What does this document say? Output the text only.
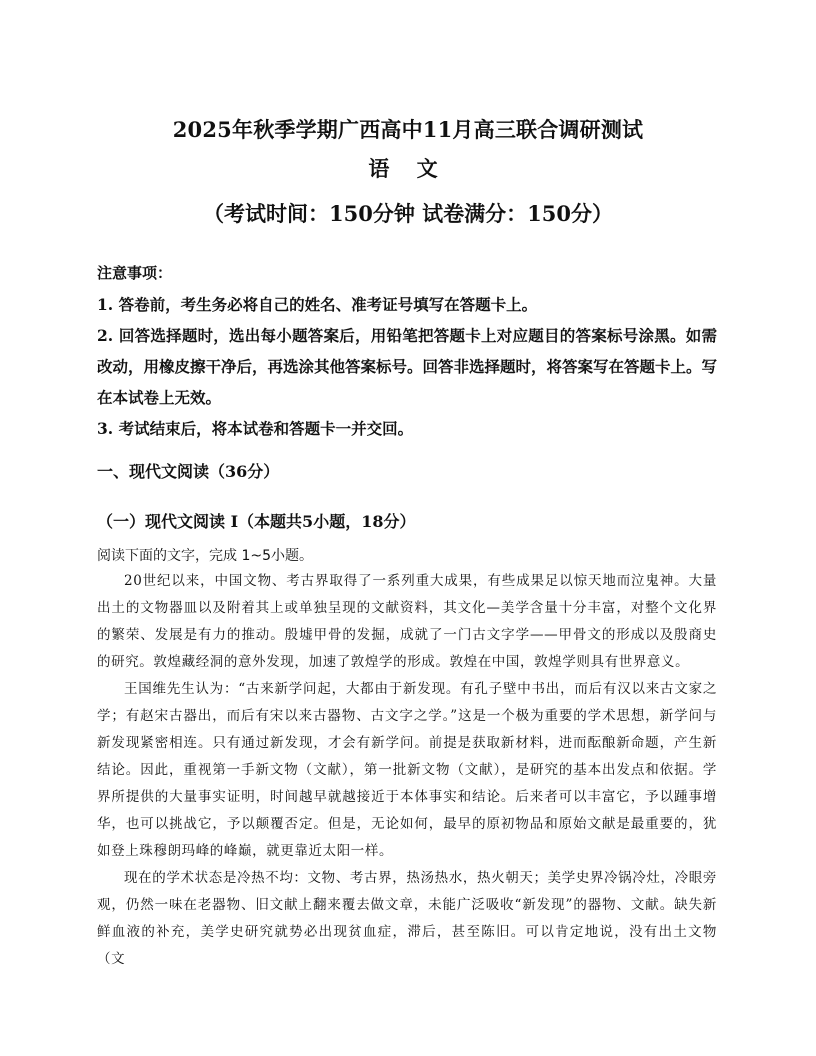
2025年秋季学期广西高中11月高三联合调研测试
语 文
（考试时间：150分钟 试卷满分：150分）
注意事项：

1. 答卷前，考生务必将自己的姓名、准考证号填写在答题卡上。

2. 回答选择题时，选出每小题答案后，用铅笔把答题卡上对应题目的答案标号涂黑。如需改动，用橡皮擦干净后，再选涂其他答案标号。回答非选择题时，将答案写在答题卡上。写在本试卷上无效。

3. 考试结束后，将本试卷和答题卡一并交回。

一、现代文阅读（36分）
（一）现代文阅读 I（本题共5小题，18分）
阅读下面的文字，完成 1~5小题。

20世纪以来，中国文物、考古界取得了一系列重大成果，有些成果足以惊天地而泣鬼神。大量出土的文物器皿以及附着其上或单独呈现的文献资料，其文化—美学含量十分丰富，对整个文化界的繁荣、发展是有力的推动。殷墟甲骨的发掘，成就了一门古文字学——甲骨文的形成以及殷商史的研究。敦煌藏经洞的意外发现，加速了敦煌学的形成。敦煌在中国，敦煌学则具有世界意义。

王国维先生认为：“古来新学问起，大都由于新发现。有孔子壁中书出，而后有汉以来古文家之学；有赵宋古器出，而后有宋以来古器物、古文字之学。”这是一个极为重要的学术思想，新学问与新发现紧密相连。只有通过新发现，才会有新学问。前提是获取新材料，进而酝酿新命题，产生新结论。因此，重视第一手新文物（文献），第一批新文物（文献），是研究的基本出发点和依据。学界所提供的大量事实证明，时间越早就越接近于本体事实和结论。后来者可以丰富它，予以踵事增华，也可以挑战它，予以颠覆否定。但是，无论如何，最早的原初物品和原始文献是最重要的，犹如登上珠穆朗玛峰的峰巅，就更靠近太阳一样。

现在的学术状态是冷热不均：文物、考古界，热汤热水，热火朝天；美学史界冷锅冷灶，冷眼旁观，仍然一味在老器物、旧文献上翻来覆去做文章，未能广泛吸收“新发现”的器物、文献。缺失新鲜血液的补充，美学史研究就势必出现贫血症，滞后，甚至陈旧。可以肯定地说，没有出土文物（文
